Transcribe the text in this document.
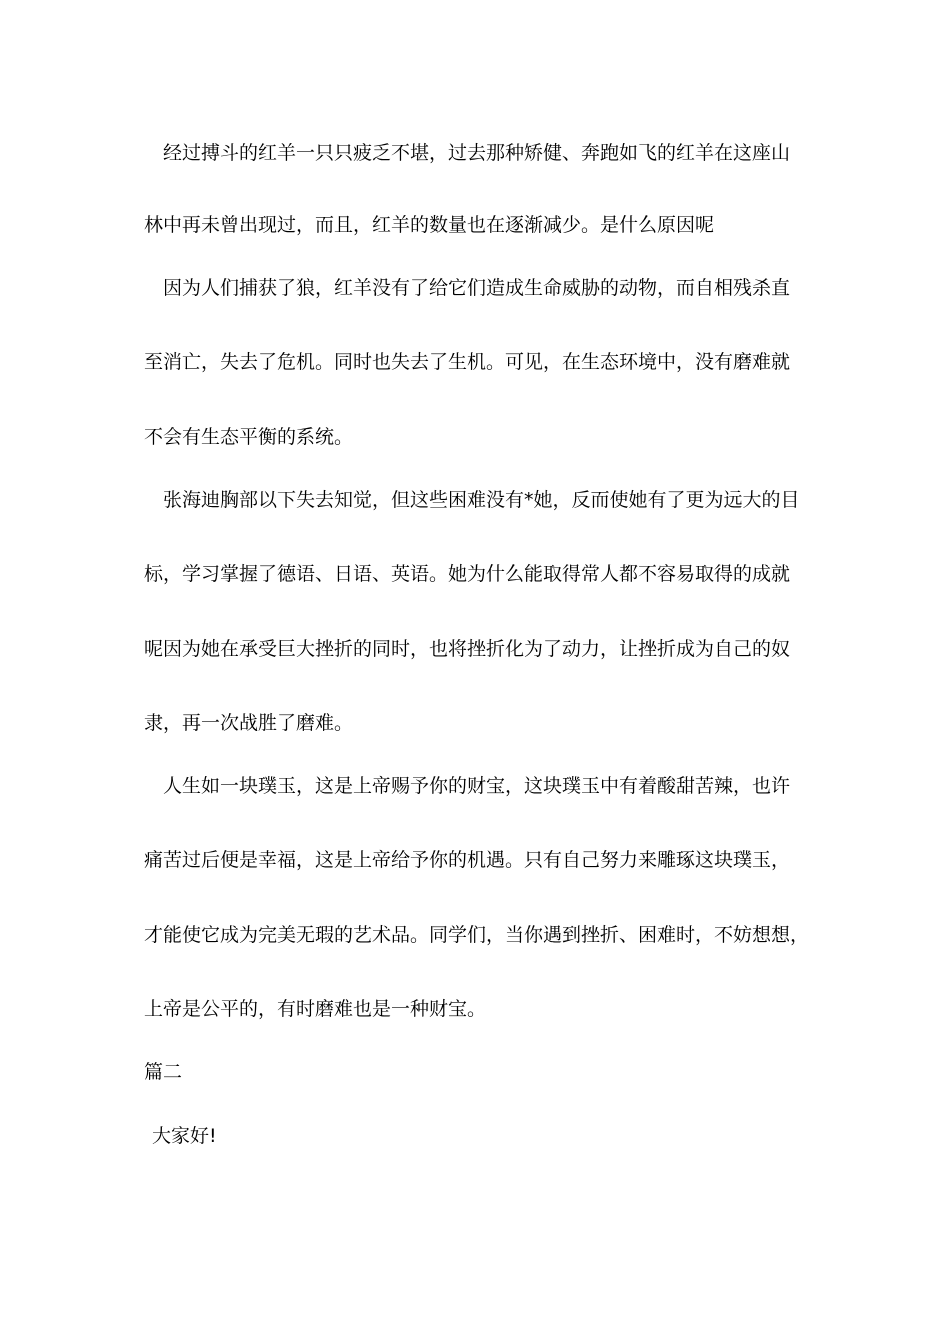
经过搏斗的红羊一只只疲乏不堪，过去那种矫健、奔跑如飞的红羊在这座山
林中再未曾出现过，而且，红羊的数量也在逐渐减少。是什么原因呢
因为人们捕获了狼，红羊没有了给它们造成生命威胁的动物，而自相残杀直
至消亡，失去了危机。同时也失去了生机。可见，在生态环境中，没有磨难就
不会有生态平衡的系统。
张海迪胸部以下失去知觉，但这些困难没有*她，反而使她有了更为远大的目
标，学习掌握了德语、日语、英语。她为什么能取得常人都不容易取得的成就
呢因为她在承受巨大挫折的同时，也将挫折化为了动力，让挫折成为自己的奴
隶，再一次战胜了磨难。
人生如一块璞玉，这是上帝赐予你的财宝，这块璞玉中有着酸甜苦辣，也许
痛苦过后便是幸福，这是上帝给予你的机遇。只有自己努力来雕琢这块璞玉，
才能使它成为完美无瑕的艺术品。同学们，当你遇到挫折、困难时，不妨想想，
上帝是公平的，有时磨难也是一种财宝。
篇二
大家好!
